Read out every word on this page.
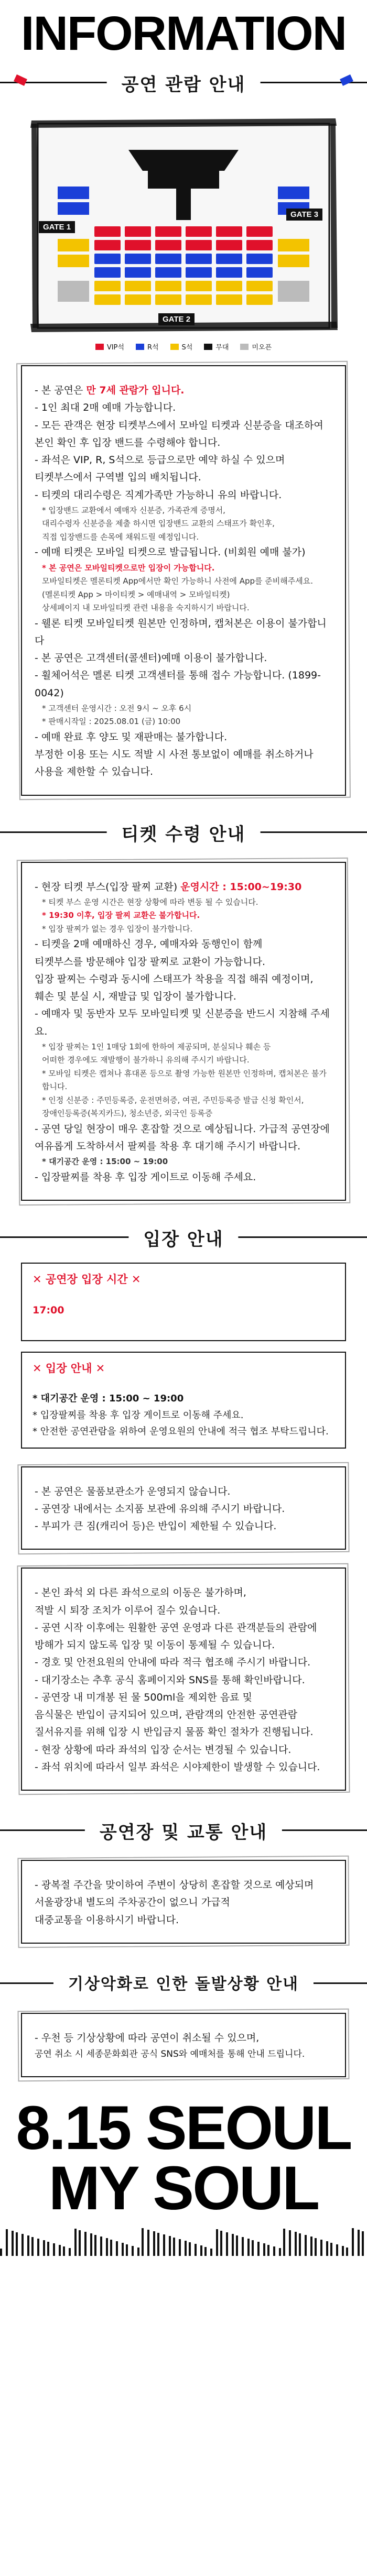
INFORMATION
공연 관람 안내
GATE 1
GATE 2
GATE 3
VIP석	R석	S석	무대	미오픈

- 본 공연은 만 7세 관람가 입니다.

- 1인 최대 2매 예매 가능합니다.

- 모든 관객은 현장 티켓부스에서 모바일 티켓과 신분증을 대조하여

본인 확인 후 입장 밴드를 수령해야 합니다.

- 좌석은 VIP, R, S석으로 등급으로만 예약 하실 수 있으며

티켓부스에서 구역별 입의 배치됩니다.

- 티켓의 대리수령은 직계가족만 가능하니 유의 바랍니다.

* 입장밴드 교환에서 예매자 신분증, 가족관계 증명서,

대리수령자 신분증을 제출 하시면 입장밴드 교환의 스태프가 확인후,

직접 입장밴드를 손목에 채워드릴 예정입니다.

- 예매 티켓은 모바일 티켓으로 발급됩니다. (비회원 예매 불가)

* 본 공연은 모바일티켓으로만 입장이 가능합니다.

모바일티켓은 멜론티켓 App에서만 확인 가능하니 사전에 App를 준비해주세요.

(멜론티켓 App > 마이티켓 > 예매내역 > 모바일티켓)

상세페이지 내 모바일티켓 관련 내용을 숙지하시기 바랍니다.

- 웰론 티켓 모바일티켓 원본만 인정하며, 캡처본은 이용이 불가합니다

- 본 공연은 고객센터(콜센터)예매 이용이 불가합니다.

- 휠체어석은 멜론 티켓 고객센터를 통해 접수 가능합니다. (1899-0042)

* 고객센터 운영시간 : 오전 9시 ~ 오후 6시

* 판매시작일 : 2025.08.01 (금) 10:00

- 예매 완료 후 양도 및 재판매는 불가합니다.

부정한 이용 또는 시도 적발 시 사전 통보없이 예매를 취소하거나

사용을 제한할 수 있습니다.

티켓 수령 안내

- 현장 티켓 부스(입장 팔찌 교환) 운영시간 : 15:00~19:30

* 티켓 부스 운영 시간은 현장 상황에 따라 변동 될 수 있습니다.

* 19:30 이후, 입장 팔찌 교환은 불가합니다.

* 입장 팔찌가 없는 경우 입장이 불가합니다.

- 티켓을 2매 예매하신 경우, 예매자와 동행인이 함께

티켓부스를 방문해야 입장 팔찌로 교환이 가능합니다.

입장 팔찌는 수령과 동시에 스태프가 착용을 직접 해줘 예정이며,

훼손 및 분실 시, 재발급 및 입장이 불가합니다.

- 예매자 및 동반자 모두 모바일티켓 및 신분증을 반드시 지참해 주세요.

* 입장 팔찌는 1인 1매당 1회에 한하여 제공되며, 분실되나 훼손 등

어떠한 경우에도 재발행이 불가하니 유의해 주시기 바랍니다.

* 모바일 티켓은 캡쳐나 휴대폰 등으로 촬영 가능한 원본만 인정하며, 캡처본은 불가합니다.

* 인정 신분증 : 주민등록증, 운전면허증, 여권, 주민등록증 발급 신청 확인서,

장애인등록증(복지카드), 청소년증, 외국인 등록증

- 공연 당일 현장이 매우 혼잡할 것으로 예상됩니다. 가급적 공연장에

여유롭게 도착하셔서 팔찌를 착용 후 대기해 주시기 바랍니다.

* 대기공간 운영 : 15:00 ~ 19:00

- 입장팔찌를 착용 후 입장 게이트로 이동해 주세요.

입장 안내
✕ 공연장 입장 시간 ✕
17:00
✕ 입장 안내 ✕

* 대기공간 운영 : 15:00 ~ 19:00

* 입장팔찌를 착용 후 입장 게이트로 이동해 주세요.

* 안전한 공연관람을 위하여 운영요원의 안내에 적극 협조 부탁드립니다.

- 본 공연은 물품보관소가 운영되지 않습니다.

- 공연장 내에서는 소지품 보관에 유의해 주시기 바랍니다.

- 부피가 큰 짐(캐리어 등)은 반입이 제한될 수 있습니다.

- 본인 좌석 외 다른 좌석으로의 이동은 불가하며,

적발 시 퇴장 조치가 이루어 질수 있습니다.

- 공연 시작 이후에는 원활한 공연 운영과 다른 관객분들의 관람에

방해가 되지 않도록 입장 및 이동이 통제될 수 있습니다.

- 경호 및 안전요원의 안내에 따라 적극 협조해 주시기 바랍니다.

- 대기장소는 추후 공식 홈페이지와 SNS를 통해 확인바랍니다.

- 공연장 내 미개봉 된 물 500ml을 제외한 음료 및

음식물은 반입이 금지되어 있으며, 관람객의 안전한 공연관람

질서유지를 위해 입장 시 반입금지 물품 확인 절차가 진행됩니다.

- 현장 상황에 따라 좌석의 입장 순서는 변경될 수 있습니다.

- 좌석 위치에 따라서 일부 좌석은 시야제한이 발생할 수 있습니다.

공연장 및 교통 안내

- 광복절 주간을 맞이하여 주변이 상당히 혼잡할 것으로 예상되며

서울광장내 별도의 주차공간이 없으니 가급적

대중교통을 이용하시기 바랍니다.

기상악화로 인한 돌발상황 안내

- 우천 등 기상상황에 따라 공연이 취소될 수 있으며,

공연 취소 시 세종문화회관 공식 SNS와 예매처를 통해 안내 드립니다.

8.15 SEOUL
MY SOUL
